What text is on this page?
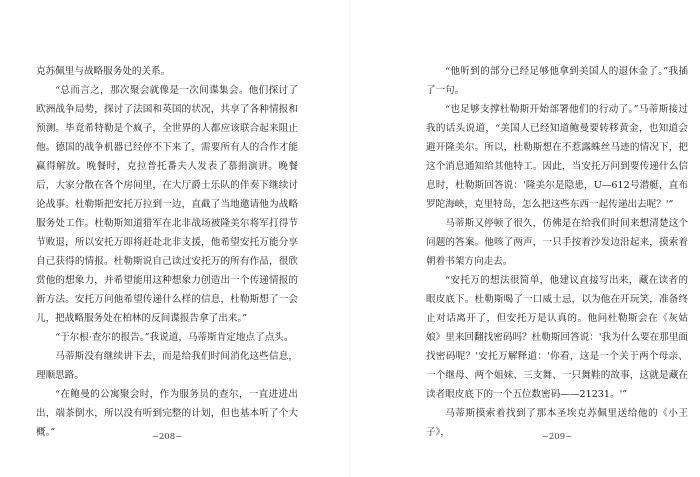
克苏佩里与战略服务处的关系。

“总而言之，那次聚会就像是一次间谍集会。他们探讨了欧洲战争局势，探讨了法国和英国的状况，共享了各种情报和预测。毕竟希特勒是个疯子，全世界的人都应该联合起来阻止他。德国的战争机器已经停不下来了，需要所有人的合作才能赢得解放。晚餐时，克拉普托番夫人发表了慕捐演讲。晚餐后，大家分散在各个房间里，在大厅爵士乐队的伴奏下继续讨论战事。杜勒斯把安托万拉到一边，直截了当地邀请他为战略服务处工作。杜勒斯知道猎军在北非战场被隆美尔将军打得节节败退，所以安托万即将赶赴北非支援，他希望安托万能分享自己获得的情报。杜勒斯说自己读过安托万的所有作品，很欣赏他的想象力，并希望能用这种想象力创造出一个传递情报的新方法。安托万问他希望传递什么样的信息，杜勒斯想了一会儿，把战略服务处在柏林的反间谍报告拿了出来。”

“于尔根·查尔的报告。”我说道，马蒂斯肯定地点了点头。

马蒂斯没有继续讲下去，而是给我们时间消化这些信息，理顺思路。

“在鲍曼的公寓聚会时，作为服务员的查尔，一直进进出出，端茶倒水，所以没有听到完整的计划，但也基本听了个大概。”	~208~

“他听到的部分已经足够他拿到美国人的退休金了。”我插了一句。

“也足够支撑杜勒斯开始部署他们的行动了。”马蒂斯接过我的话头说道，“美国人已经知道鲍曼要转移黄金，也知道会避开隆美尔。所以，杜勒斯想在不惹露蛛丝马迹的情况下，把这个消息通知给其他特工。因此，当安托万问到要传递什么信息时，杜勒斯回答说：'隆美尔是隐患，U—612号潜艇，直布罗陀海峡，克里特岛，怎么把这些东西一起传递出去呢？'”

马蒂斯又停顿了很久，仿佛是在给我们时间来想清楚这个问题的答案。他咳了两声，一只手按着沙发边沿起来，摸索着朝着书架方向走去。

“安托万的想法很简单，他建议直接写出来，藏在读者的眼皮底下。杜勒斯喝了一口威士忌，以为他在开玩笑，准备终止对话离开了，但安托万是认真的。他问杜勒斯会在《灰姑娘》里来回翻找密码吗？杜勒斯回答说：'我为什么要在那里面找密码呢？'安托万解释道：'你看，这是一个关于两个母亲、一个继母、两个姐妹、三支舞、一只舞鞋的故事，这就是藏在读者眼皮底下的一个五位数密码——21231。'”

马蒂斯摸索着找到了那本圣埃克苏佩里送给他的《小王子》，	~209~
